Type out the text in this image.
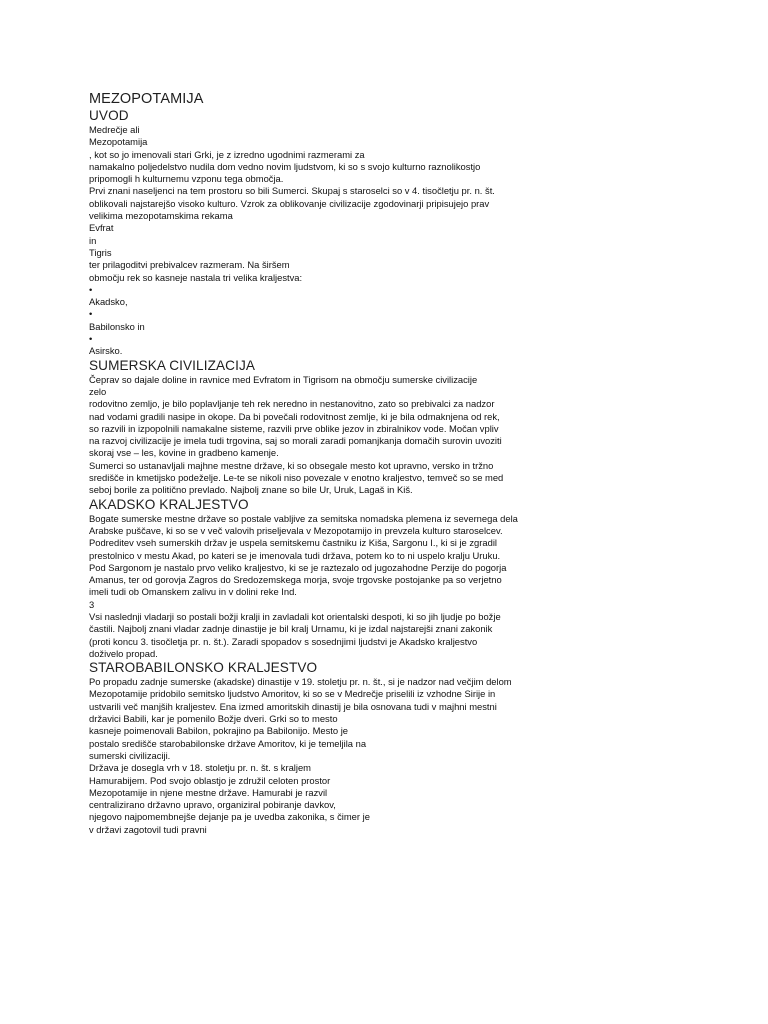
MEZOPOTAMIJA
UVOD
Medrečje ali
Mezopotamija
, kot so jo imenovali stari Grki, je z izredno ugodnimi razmerami za
namakalno poljedelstvo nudila dom vedno novim ljudstvom, ki so s svojo kulturno raznolikostjo
pripomogli h kulturnemu vzponu tega območja.
Prvi znani naseljenci na tem prostoru so bili Sumerci. Skupaj s staroselci so v 4. tisočletju pr. n. št.
oblikovali najstarejšo visoko kulturo. Vzrok za oblikovanje civilizacije zgodovinarji pripisujejo prav
velikima mezopotamskima rekama
Evfrat
in
Tigris
ter prilagoditvi prebivalcev razmeram. Na širšem
območju rek so kasneje nastala tri velika kraljestva:
•
Akadsko,
•
Babilonsko in
•
Asirsko.
SUMERSKA CIVILIZACIJA
Čeprav so dajale doline in ravnice med Evfratom in Tigrisom na območju sumerske civilizacije
zelo
rodovitno zemljo, je bilo poplavljanje teh rek neredno in nestanovitno, zato so prebivalci za nadzor
nad vodami gradili nasipe in okope. Da bi povečali rodovitnost zemlje, ki je bila odmaknjena od rek,
so razvili in izpopolnili namakalne sisteme, razvili prve oblike jezov in zbiralnikov vode. Močan vpliv
na razvoj civilizacije je imela tudi trgovina, saj so morali zaradi pomanjkanja domačih surovin uvoziti
skoraj vse – les, kovine in gradbeno kamenje.
Sumerci so ustanavljali majhne mestne države, ki so obsegale mesto kot upravno, versko in tržno
središče in kmetijsko podeželje. Le-te se nikoli niso povezale v enotno kraljestvo, temveč so se med
seboj borile za politično prevlado. Najbolj znane so bile Ur, Uruk, Lagaš in Kiš.
AKADSKO KRALJESTVO
Bogate sumerske mestne države so postale vabljive za semitska nomadska plemena iz severnega dela
Arabske puščave, ki so se v več valovih priseljevala v Mezopotamijo in prevzela kulturo staroselcev.
Podreditev vseh sumerskih držav je uspela semitskemu častniku iz Kiša, Sargonu I., ki si je zgradil
prestolnico v mestu Akad, po kateri se je imenovala tudi država, potem ko to ni uspelo kralju Uruku.
Pod Sargonom je nastalo prvo veliko kraljestvo, ki se je raztezalo od jugozahodne Perzije do pogorja
Amanus, ter od gorovja Zagros do Sredozemskega morja, svoje trgovske postojanke pa so verjetno
imeli tudi ob Omanskem zalivu in v dolini reke Ind.
3
Vsi naslednji vladarji so postali božji kralji in zavladali kot orientalski despoti, ki so jih ljudje po božje
častili. Najbolj znani vladar zadnje dinastije je bil kralj Urnamu, ki je izdal najstarejši znani zakonik
(proti koncu 3. tisočletja pr. n. št.). Zaradi spopadov s sosednjimi ljudstvi je Akadsko kraljestvo
doživelo propad.
STAROBABILONSKO KRALJESTVO
Po propadu zadnje sumerske (akadske) dinastije v 19. stoletju pr. n. št., si je nadzor nad večjim delom
Mezopotamije pridobilo semitsko ljudstvo Amoritov, ki so se v Medrečje priselili iz vzhodne Sirije in
ustvarili več manjših kraljestev. Ena izmed amoritskih dinastij je bila osnovana tudi v majhni mestni
državici Babili, kar je pomenilo Božje dveri. Grki so to mesto
kasneje poimenovali Babilon, pokrajino pa Babilonijo. Mesto je
postalo središče starobabilonske države Amoritov, ki je temeljila na
sumerski civilizaciji.
Država je dosegla vrh v 18. stoletju pr. n. št. s kraljem
Hamurabijem. Pod svojo oblastjo je združil celoten prostor
Mezopotamije in njene mestne države. Hamurabi je razvil
centralizirano državno upravo, organiziral pobiranje davkov,
njegovo najpomembnejše dejanje pa je uvedba zakonika, s čimer je
v državi zagotovil tudi pravni
